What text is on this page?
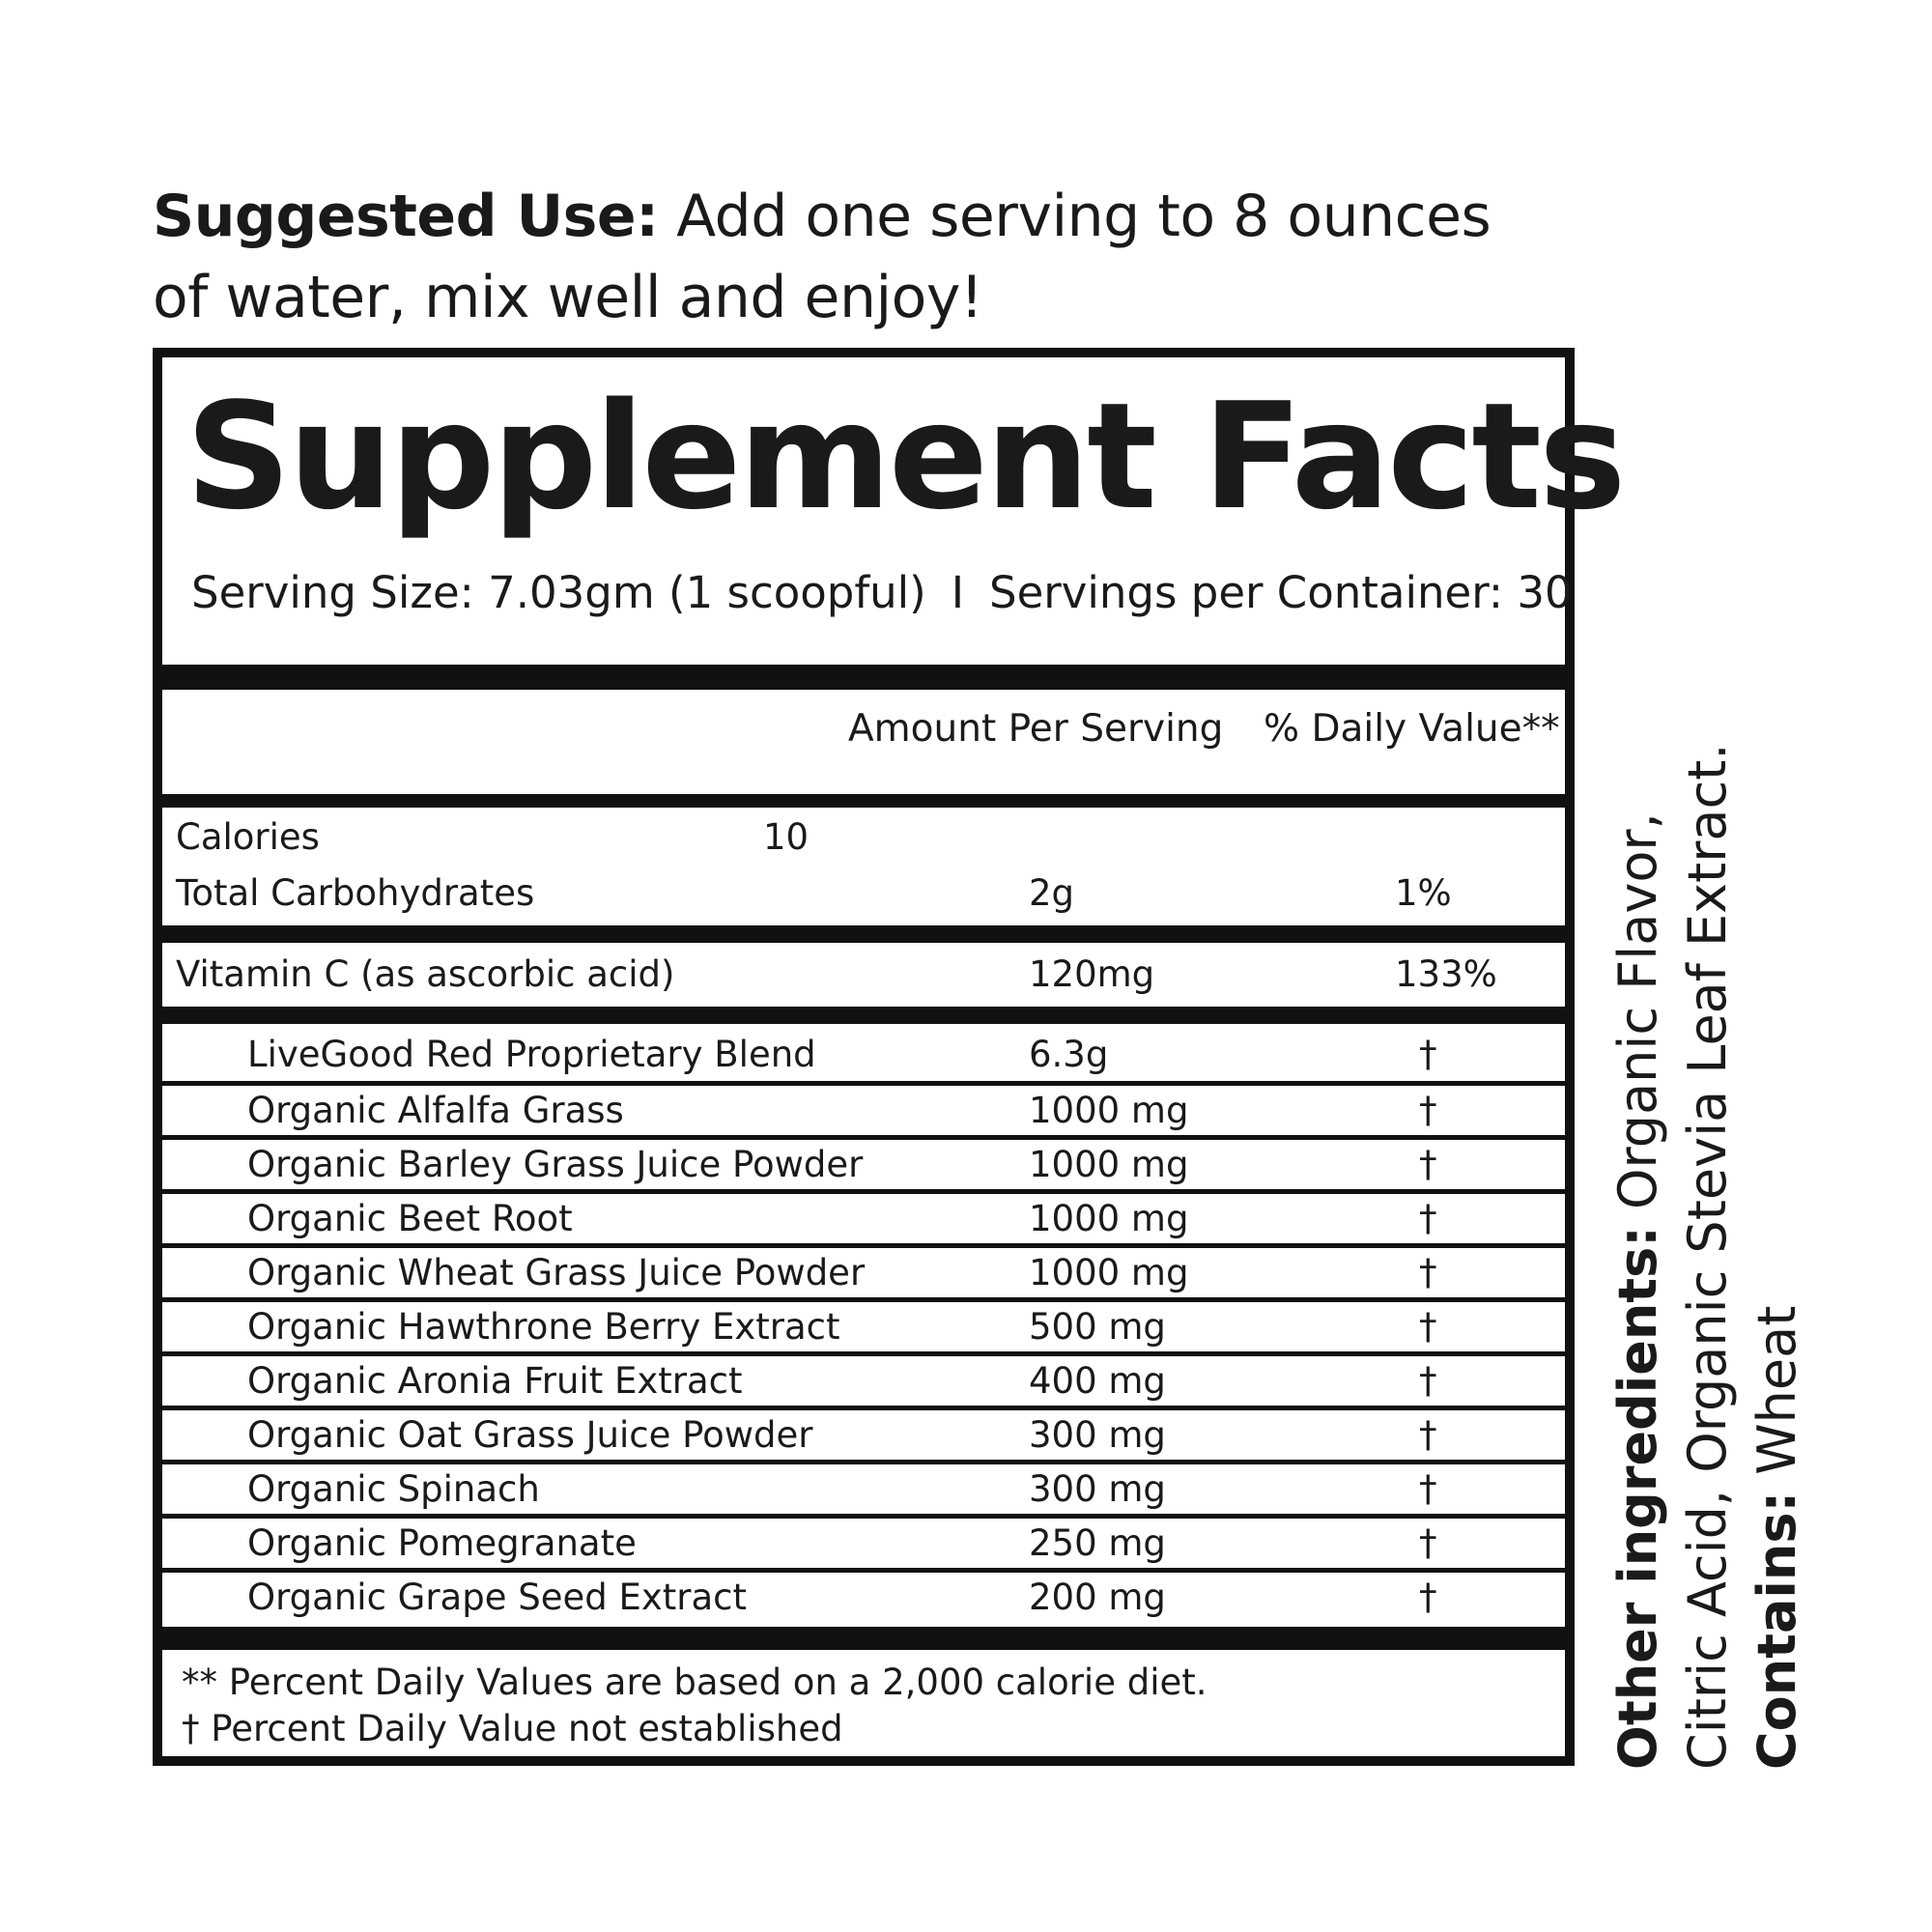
Suggested Use: Add one serving to 8 ounces of water, mix well and enjoy!
Supplement Facts
Serving Size: 7.03gm (1 scoopful) I Servings per Container: 30
Amount Per Serving % Daily Value**
Calories	10
Total Carbohydrates	2g	1%
Vitamin C (as ascorbic acid)	120mg	133%
LiveGood Red Proprietary Blend	6.3g	†
Organic Alfalfa Grass	1000 mg	†
Organic Barley Grass Juice Powder	1000 mg	†
Organic Beet Root	1000 mg	†
Organic Wheat Grass Juice Powder	1000 mg	†
Organic Hawthrone Berry Extract	500 mg	†
Organic Aronia Fruit Extract	400 mg	†
Organic Oat Grass Juice Powder	300 mg	†
Organic Spinach	300 mg	†
Organic Pomegranate	250 mg	†
Organic Grape Seed Extract	200 mg	†
** Percent Daily Values are based on a 2,000 calorie diet.
† Percent Daily Value not established	Other ingredients: Organic Flavor, Citric Acid, Organic Stevia Leaf Extract. Contains: Wheat
